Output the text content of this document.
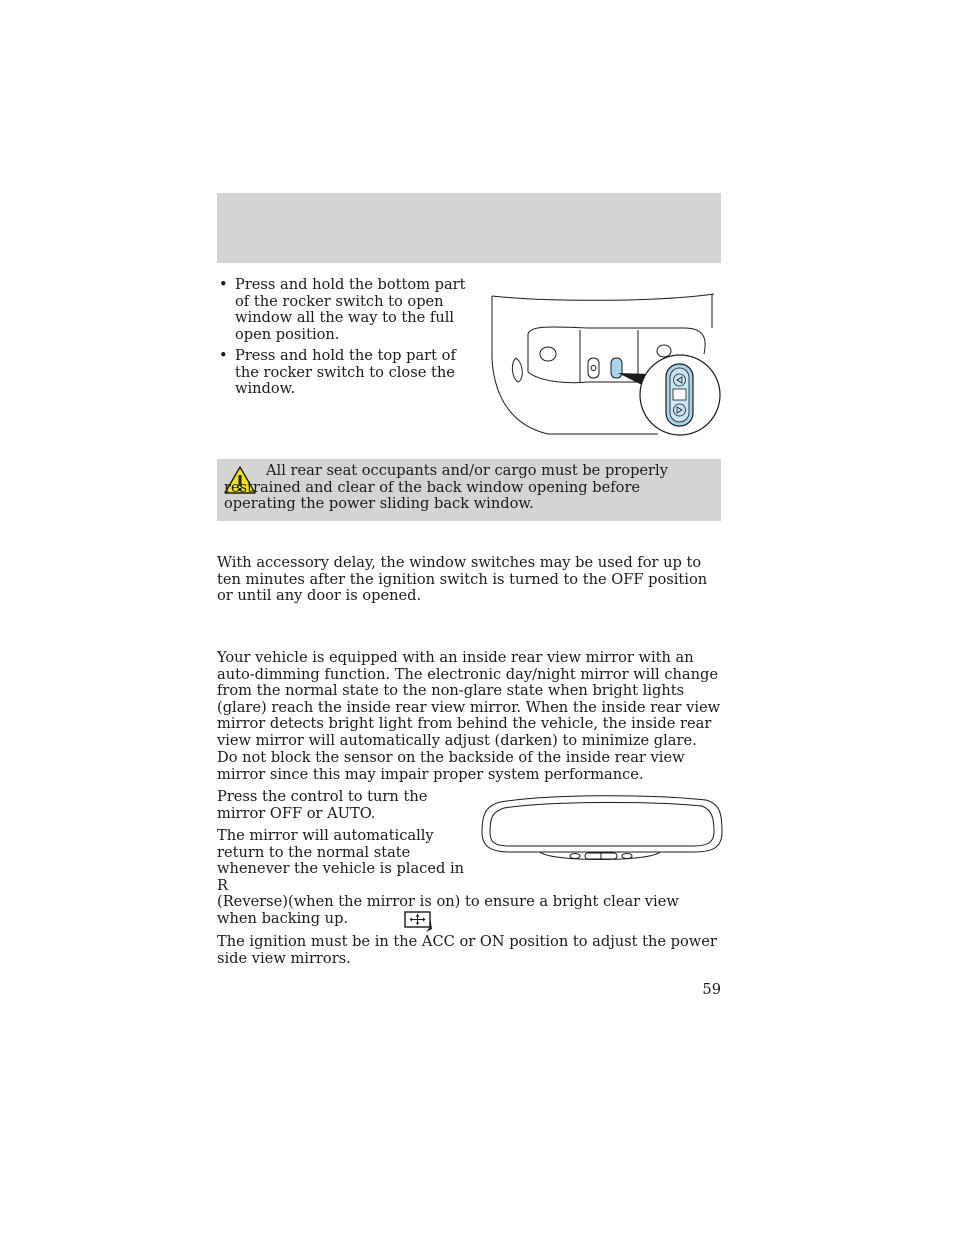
• Press and hold the bottom part of the rocker switch to open window all the way to the full open position.
• Press and hold the top part of the rocker switch to close the window.
All rear seat occupants and/or cargo must be properly restrained and clear of the back window opening before operating the power sliding back window.

With accessory delay, the window switches may be used for up to ten minutes after the ignition switch is turned to the OFF position or until any door is opened.

Your vehicle is equipped with an inside rear view mirror with an auto-dimming function. The electronic day/night mirror will change from the normal state to the non-glare state when bright lights (glare) reach the inside rear view mirror. When the inside rear view mirror detects bright light from behind the vehicle, the inside rear view mirror will automatically adjust (darken) to minimize glare.

Do not block the sensor on the backside of the inside rear view mirror since this may impair proper system performance.

Press the control to turn the mirror OFF or AUTO.

The mirror will automatically return to the normal state whenever the vehicle is placed in R
(Reverse)(when the mirror is on) to ensure a bright clear view when backing up.

The ignition must be in the ACC or ON position to adjust the power side view mirrors.

59
